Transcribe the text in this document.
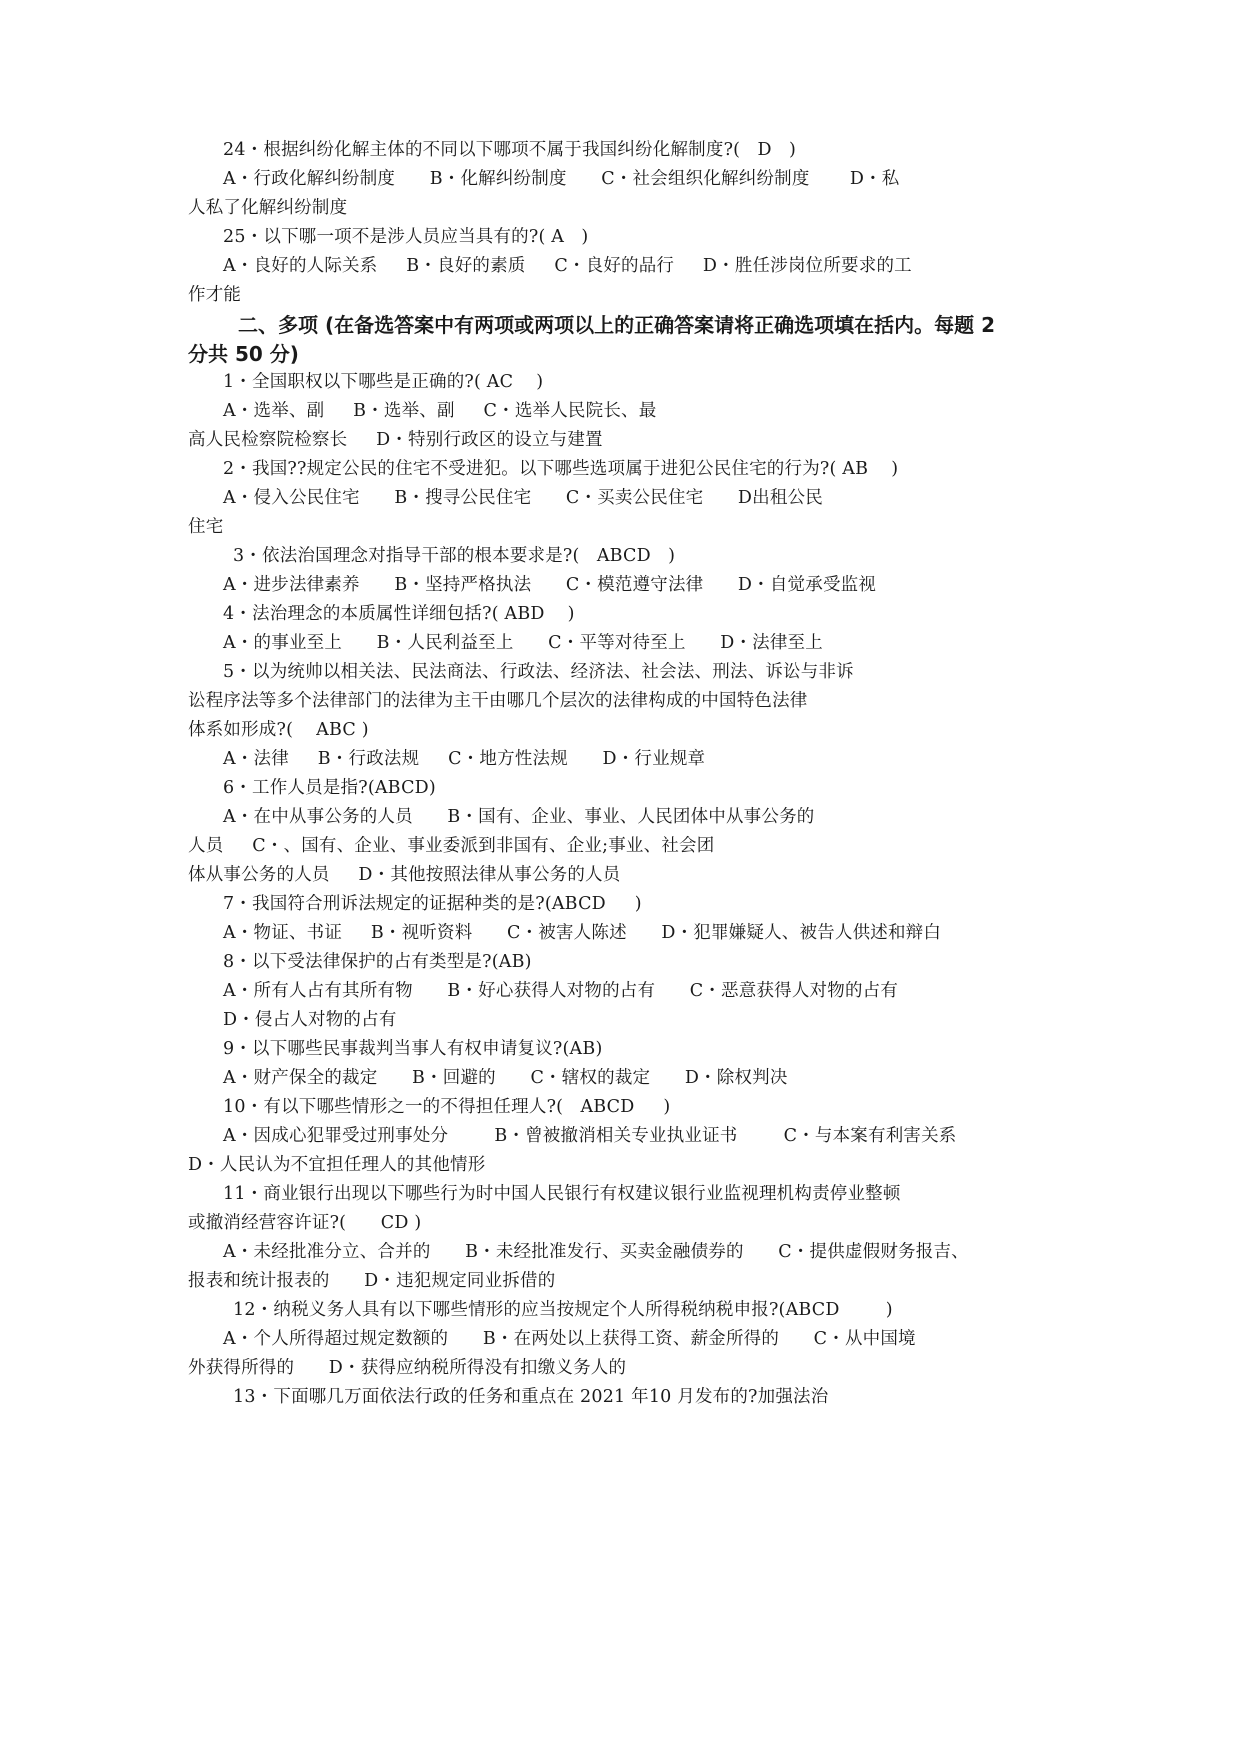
24・根据纠纷化解主体的不同以下哪项不属于我国纠纷化解制度?(   D   )
A・行政化解纠纷制度      B・化解纠纷制度      C・社会组织化解纠纷制度       D・私
人私了化解纠纷制度
25・以下哪一项不是涉人员应当具有的?( A   )
A・良好的人际关系     B・良好的素质     C・良好的品行     D・胜任涉岗位所要求的工
作才能
二、多项 (在备选答案中有两项或两项以上的正确答案请将正确选项填在括内。每题 2
分共 50 分)
1・全国职权以下哪些是正确的?( AC    )
A・选举、副     B・选举、副     C・选举人民院长、最
高人民检察院检察长     D・特别行政区的设立与建置
2・我国??规定公民的住宅不受进犯。以下哪些选项属于进犯公民住宅的行为?( AB    )
A・侵入公民住宅      B・搜寻公民住宅      C・买卖公民住宅      D出租公民
住宅
3・依法治国理念对指导干部的根本要求是?(   ABCD   )
A・进步法律素养      B・坚持严格执法      C・模范遵守法律      D・自觉承受监视
4・法治理念的本质属性详细包括?( ABD    )
A・的事业至上      B・人民利益至上      C・平等对待至上      D・法律至上
5・以为统帅以相关法、民法商法、行政法、经济法、社会法、刑法、诉讼与非诉
讼程序法等多个法律部门的法律为主干由哪几个层次的法律构成的中国特色法律
体系如形成?(    ABC )
A・法律     B・行政法规     C・地方性法规      D・行业规章
6・工作人员是指?(ABCD)
A・在中从事公务的人员      B・国有、企业、事业、人民团体中从事公务的
人员     C・、国有、企业、事业委派到非国有、企业;事业、社会团
体从事公务的人员     D・其他按照法律从事公务的人员
7・我国符合刑诉法规定的证据种类的是?(ABCD     )
A・物证、书证     B・视听资料      C・被害人陈述      D・犯罪嫌疑人、被告人供述和辩白
8・以下受法律保护的占有类型是?(AB)
A・所有人占有其所有物      B・好心获得人对物的占有      C・恶意获得人对物的占有
D・侵占人对物的占有
9・以下哪些民事裁判当事人有权申请复议?(AB)
A・财产保全的裁定      B・回避的      C・辖权的裁定      D・除权判决
10・有以下哪些情形之一的不得担任理人?(   ABCD     )
A・因成心犯罪受过刑事处分        B・曾被撤消相关专业执业证书        C・与本案有利害关系
D・人民认为不宜担任理人的其他情形
11・商业银行出现以下哪些行为时中国人民银行有权建议银行业监视理机构责停业整顿
或撤消经营容许证?(      CD )
A・未经批准分立、合并的      B・未经批准发行、买卖金融债券的      C・提供虚假财务报吉、
报表和统计报表的      D・违犯规定同业拆借的
12・纳税义务人具有以下哪些情形的应当按规定个人所得税纳税申报?(ABCD        )
A・个人所得超过规定数额的      B・在两处以上获得工资、薪金所得的      C・从中国境
外获得所得的      D・获得应纳税所得没有扣缴义务人的
13・下面哪几万面依法行政的任务和重点在 2021 年10 月发布的?加强法治
